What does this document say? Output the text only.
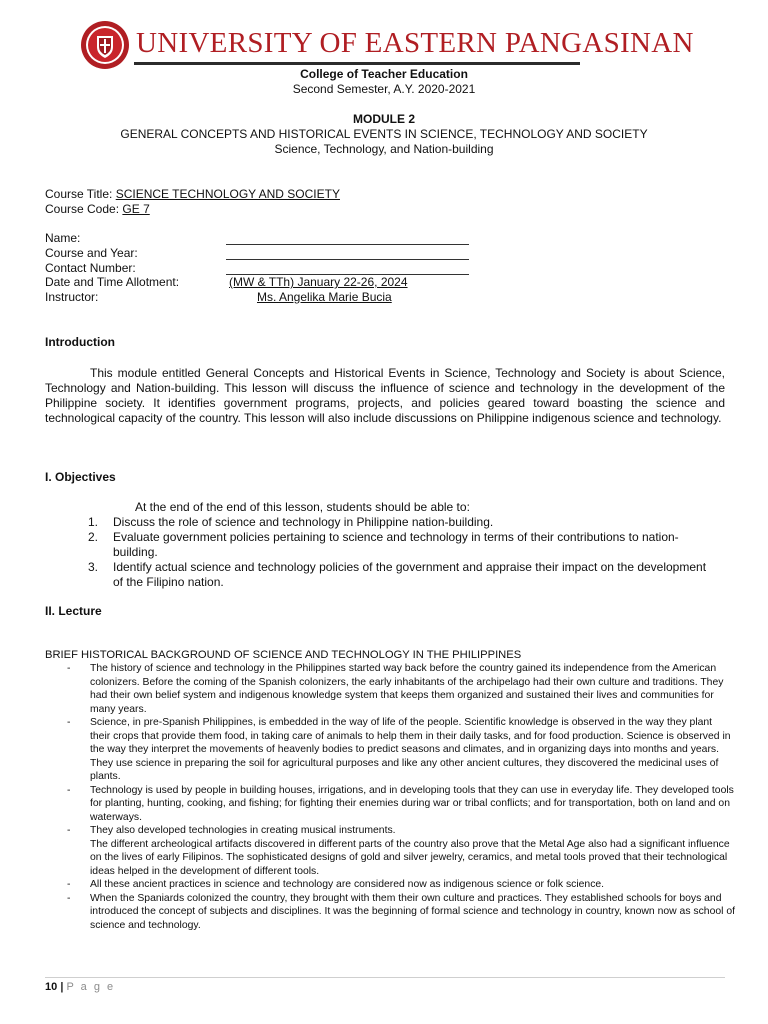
UNIVERSITY OF EASTERN PANGASINAN
College of Teacher Education
Second Semester, A.Y. 2020-2021
MODULE 2
GENERAL CONCEPTS AND HISTORICAL EVENTS IN SCIENCE, TECHNOLOGY AND SOCIETY
Science, Technology, and Nation-building
Course Title: SCIENCE TECHNOLOGY AND SOCIETY
Course Code: GE 7
Name:
Course and Year:
Contact Number:
Date and Time Allotment:	(MW & TTh) January 22-26, 2024
Instructor:	Ms. Angelika Marie Bucia
Introduction
This module entitled General Concepts and Historical Events in Science, Technology and Society is about Science, Technology and Nation-building. This lesson will discuss the influence of science and technology in the development of the Philippine society. It identifies government programs, projects, and policies geared toward boasting the science and technological capacity of the country. This lesson will also include discussions on Philippine indigenous science and technology.
I. Objectives
At the end of the end of this lesson, students should be able to:
1. Discuss the role of science and technology in Philippine nation-building.
2. Evaluate government policies pertaining to science and technology in terms of their contributions to nation-building.
3. Identify actual science and technology policies of the government and appraise their impact on the development of the Filipino nation.
II. Lecture
BRIEF HISTORICAL BACKGROUND OF SCIENCE AND TECHNOLOGY IN THE PHILIPPINES
- The history of science and technology in the Philippines started way back before the country gained its independence from the American colonizers. Before the coming of the Spanish colonizers, the early inhabitants of the archipelago had their own culture and traditions. They had their own belief system and indigenous knowledge system that keeps them organized and sustained their lives and communities for many years.
- Science, in pre-Spanish Philippines, is embedded in the way of life of the people. Scientific knowledge is observed in the way they plant their crops that provide them food, in taking care of animals to help them in their daily tasks, and for food production. Science is observed in the way they interpret the movements of heavenly bodies to predict seasons and climates, and in organizing days into months and years. They use science in preparing the soil for agricultural purposes and like any other ancient cultures, they discovered the medicinal uses of plants.
- Technology is used by people in building houses, irrigations, and in developing tools that they can use in everyday life. They developed tools for planting, hunting, cooking, and fishing; for fighting their enemies during war or tribal conflicts; and for transportation, both on land and on waterways.
- They also developed technologies in creating musical instruments.
The different archeological artifacts discovered in different parts of the country also prove that the Metal Age also had a significant influence on the lives of early Filipinos. The sophisticated designs of gold and silver jewelry, ceramics, and metal tools proved that their technological ideas helped in the development of different tools.
- All these ancient practices in science and technology are considered now as indigenous science or folk science.
- When the Spaniards colonized the country, they brought with them their own culture and practices. They established schools for boys and introduced the concept of subjects and disciplines. It was the beginning of formal science and technology in country, known now as school of science and technology.
10 | P a g e
